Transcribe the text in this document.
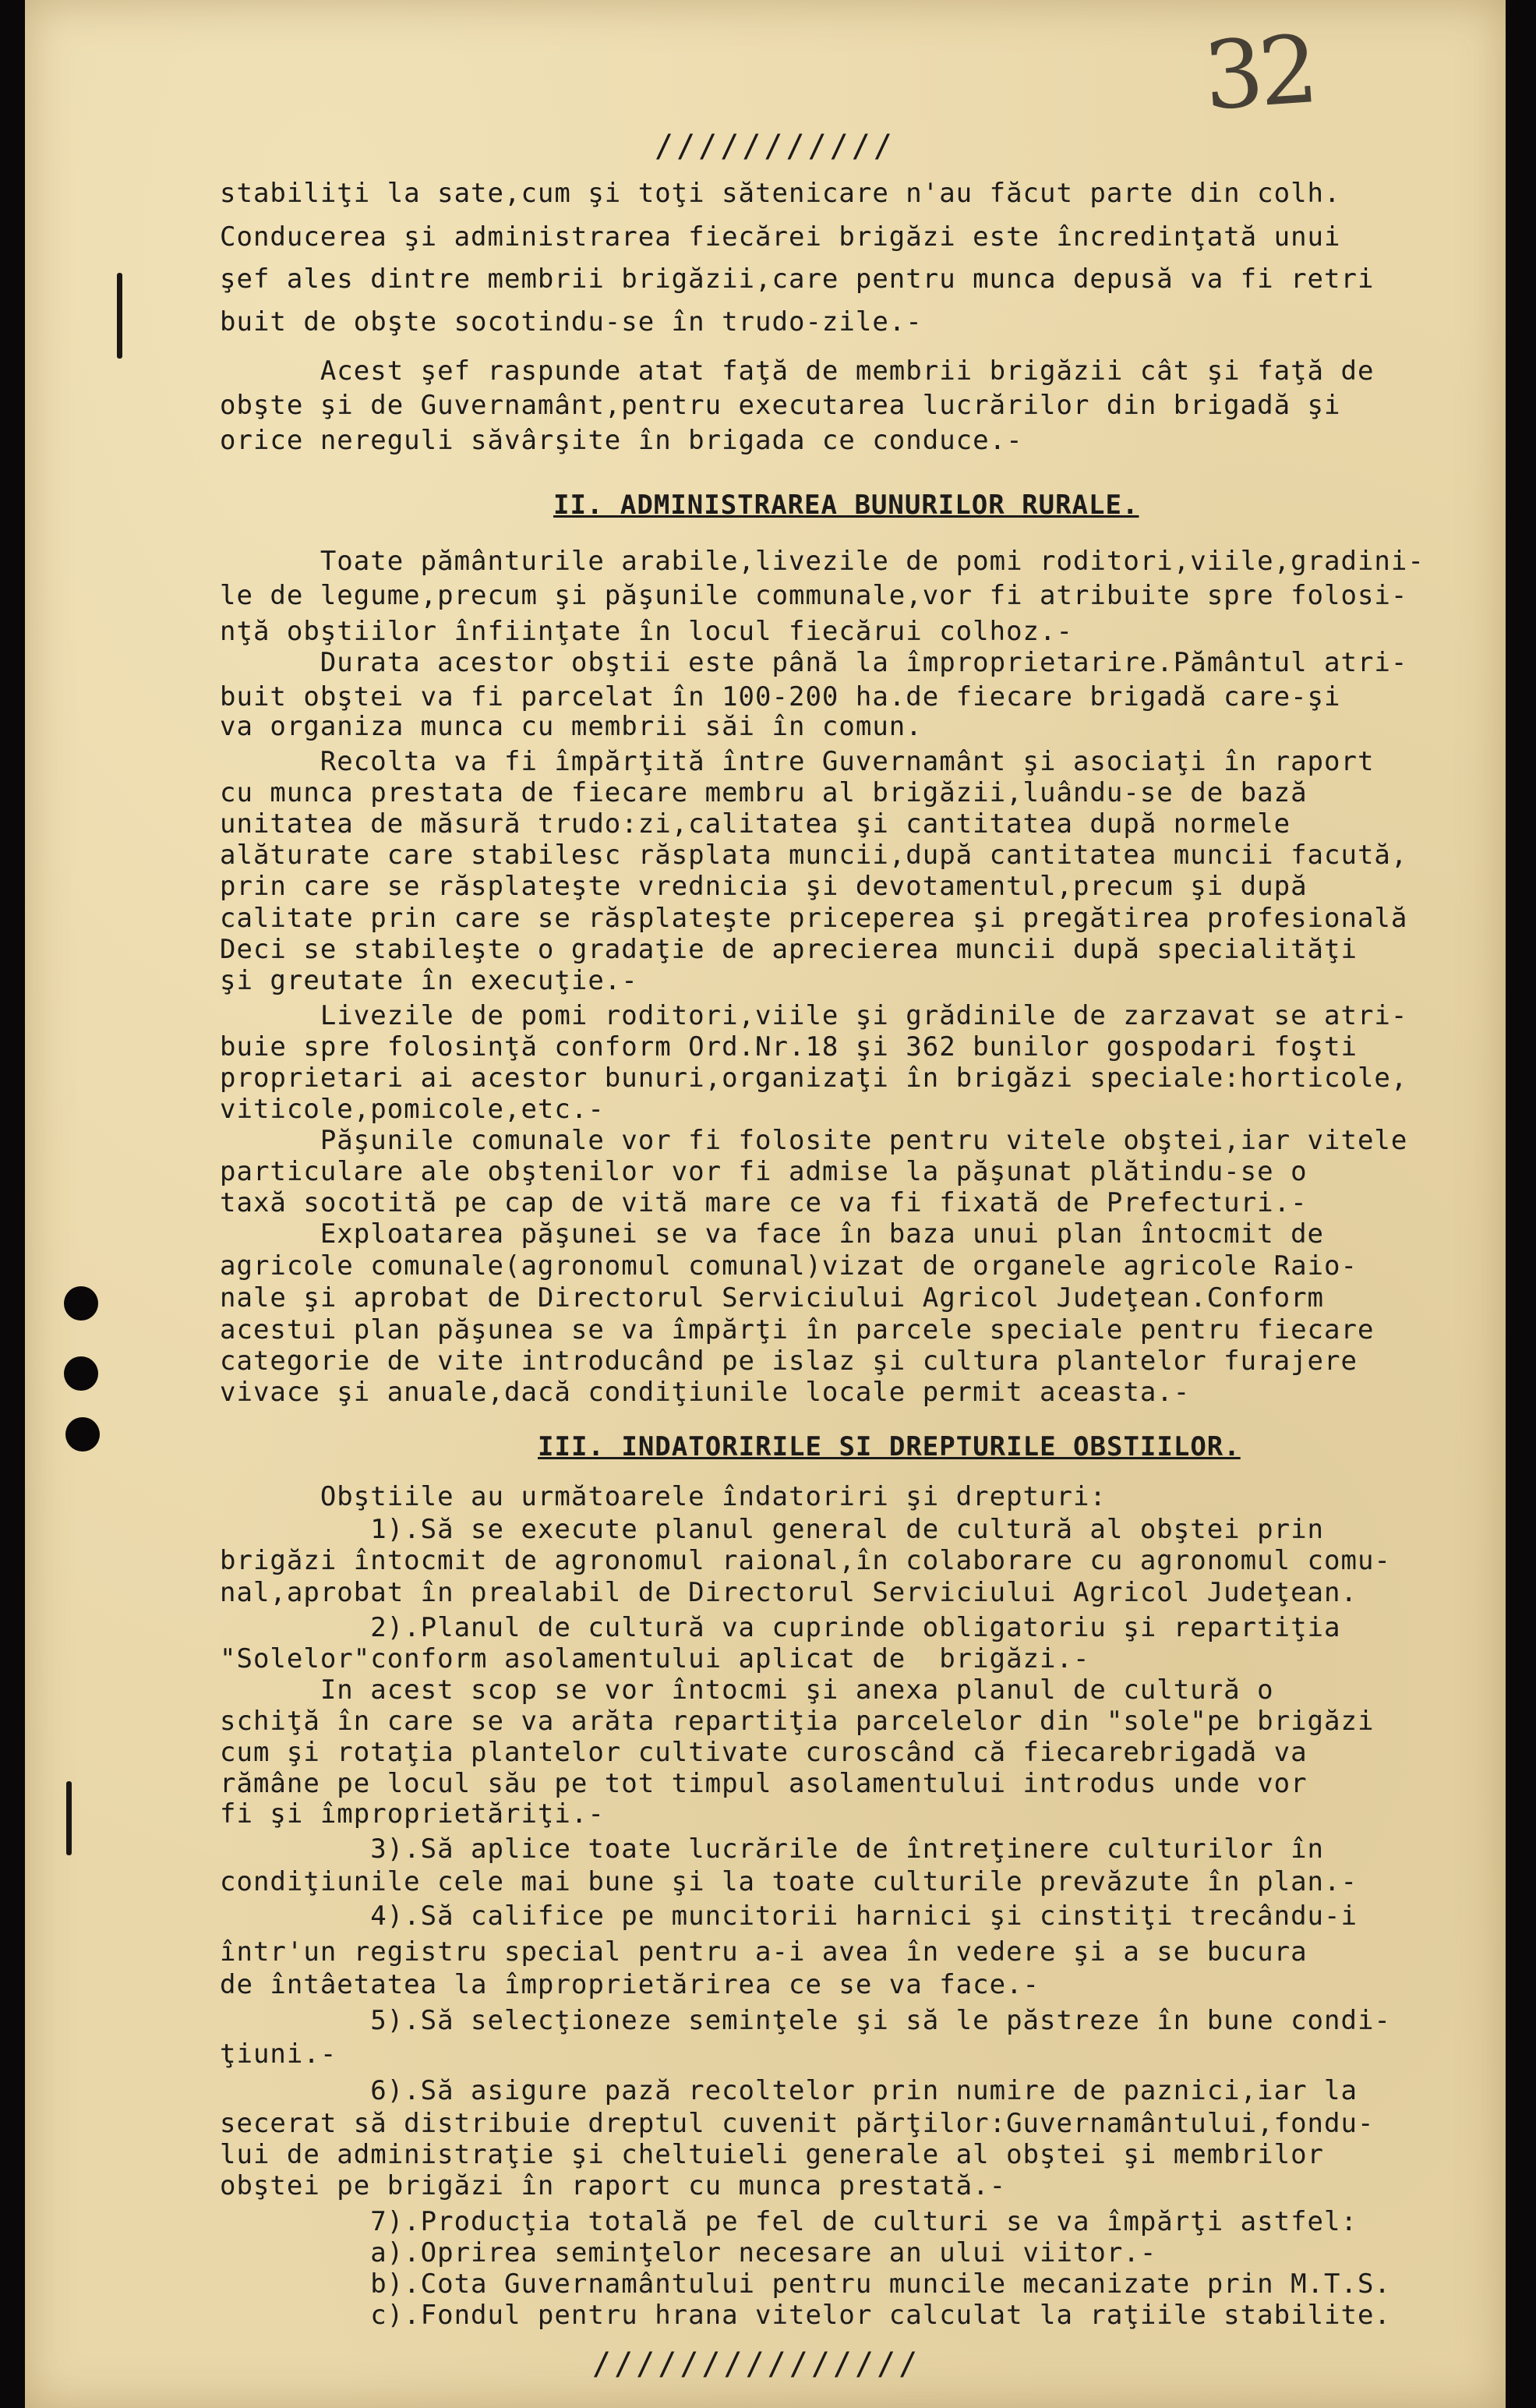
32

///////////

stabiliţi la sate,cum şi toţi sătenicare n'au făcut parte din colh.

Conducerea şi administrarea fiecărei brigăzi este încredinţată unui

şef ales dintre membrii brigăzii,care pentru munca depusă va fi retri

buit de obşte socotindu-se în trudo-zile.-

Acest şef raspunde atat faţă de membrii brigăzii cât şi faţă de

obşte şi de Guvernamânt,pentru executarea lucrărilor din brigadă şi

orice nereguli săvârşite în brigada ce conduce.-

II. ADMINISTRAREA BUNURILOR RURALE.

Toate pământurile arabile,livezile de pomi roditori,viile,gradini-

le de legume,precum şi păşunile communale,vor fi atribuite spre folosi-

nţă obştiilor înfiinţate în locul fiecărui colhoz.-

Durata acestor obştii este până la împroprietarire.Pământul atri-

buit obştei va fi parcelat în 100-200 ha.de fiecare brigadă care-şi

va organiza munca cu membrii săi în comun.

Recolta va fi împărţită între Guvernamânt şi asociaţi în raport

cu munca prestata de fiecare membru al brigăzii,luându-se de bază

unitatea de măsură trudo:zi,calitatea şi cantitatea după normele

alăturate care stabilesc răsplata muncii,după cantitatea muncii facută,

prin care se răsplateşte vrednicia şi devotamentul,precum şi după

calitate prin care se răsplateşte priceperea şi pregătirea profesională

Deci se stabileşte o gradaţie de aprecierea muncii după specialităţi

şi greutate în execuţie.-

Livezile de pomi roditori,viile şi grădinile de zarzavat se atri-

buie spre folosinţă conform Ord.Nr.18 şi 362 bunilor gospodari foşti

proprietari ai acestor bunuri,organizaţi în brigăzi speciale:horticole,

viticole,pomicole,etc.-

Păşunile comunale vor fi folosite pentru vitele obştei,iar vitele

particulare ale obştenilor vor fi admise la păşunat plătindu-se o

taxă socotită pe cap de vită mare ce va fi fixată de Prefecturi.-

Exploatarea păşunei se va face în baza unui plan întocmit de

agricole comunale(agronomul comunal)vizat de organele agricole Raio-

nale şi aprobat de Directorul Serviciului Agricol Judeţean.Conform

acestui plan păşunea se va împărţi în parcele speciale pentru fiecare

categorie de vite introducând pe islaz şi cultura plantelor furajere

vivace şi anuale,dacă condiţiunile locale permit aceasta.-

III. INDATORIRILE SI DREPTURILE OBSTIILOR.

Obştiile au următoarele îndatoriri şi drepturi:

1).Să se execute planul general de cultură al obştei prin

brigăzi întocmit de agronomul raional,în colaborare cu agronomul comu-

nal,aprobat în prealabil de Directorul Serviciului Agricol Judeţean.

2).Planul de cultură va cuprinde obligatoriu şi repartiţia

"Solelor"conform asolamentului aplicat de  brigăzi.-

In acest scop se vor întocmi şi anexa planul de cultură o

schiţă în care se va arăta repartiţia parcelelor din "sole"pe brigăzi

cum şi rotaţia plantelor cultivate curoscând că fiecarebrigadă va

rămâne pe locul său pe tot timpul asolamentului introdus unde vor

fi şi împroprietăriţi.-

3).Să aplice toate lucrările de întreţinere culturilor în

condiţiunile cele mai bune şi la toate culturile prevăzute în plan.-

4).Să califice pe muncitorii harnici şi cinstiţi trecându-i

într'un registru special pentru a-i avea în vedere şi a se bucura

de întâetatea la împroprietărirea ce se va face.-

5).Să selecţioneze seminţele şi să le păstreze în bune condi-

ţiuni.-

6).Să asigure pază recoltelor prin numire de paznici,iar la

secerat să distribuie dreptul cuvenit părţilor:Guvernamântului,fondu-

lui de administraţie şi cheltuieli generale al obştei şi membrilor

obştei pe brigăzi în raport cu munca prestată.-

7).Producţia totală pe fel de culturi se va împărţi astfel:

a).Oprirea seminţelor necesare an ului viitor.-

b).Cota Guvernamântului pentru muncile mecanizate prin M.T.S.

c).Fondul pentru hrana vitelor calculat la raţiile stabilite.

///////////////
